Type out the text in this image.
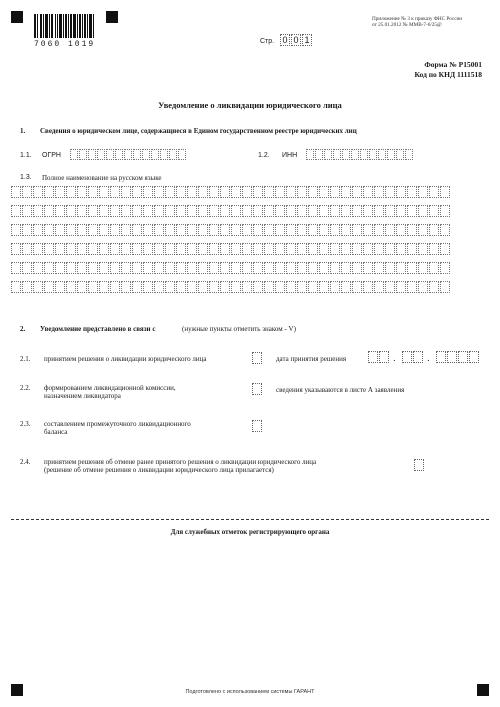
7060 1019	Стр. 0 0 1
Приложение № 3 к приказу ФНС России
от 25.01.2012 № ММВ-7-6/25@
Форма № Р15001
Код по КНД 1111518
Уведомление о ликвидации юридического лица
1. Сведения о юридическом лице, содержащиеся в Едином государственном реестре юридических лиц
1.1. ОГРН	1.2. ИНН
1.3. Полное наименование на русском языке
2. Уведомление представлено в связи с	(нужные пункты отметить знаком - V)
2.1. принятием решения о ликвидации юридического лица	дата принятия решения	.	.
2.2. формированием ликвидационной комиссии,
назначением ликвидатора
сведения указываются в листе А заявления
2.3. составлением промежуточного ликвидационного
баланса
2.4. принятием решения об отмене ранее принятого решения о ликвидации юридического лица
(решение об отмене решения о ликвидации юридического лица прилагается)
Для служебных отметок регистрирующего органа
Подготовлено с использованием системы ГАРАНТ
